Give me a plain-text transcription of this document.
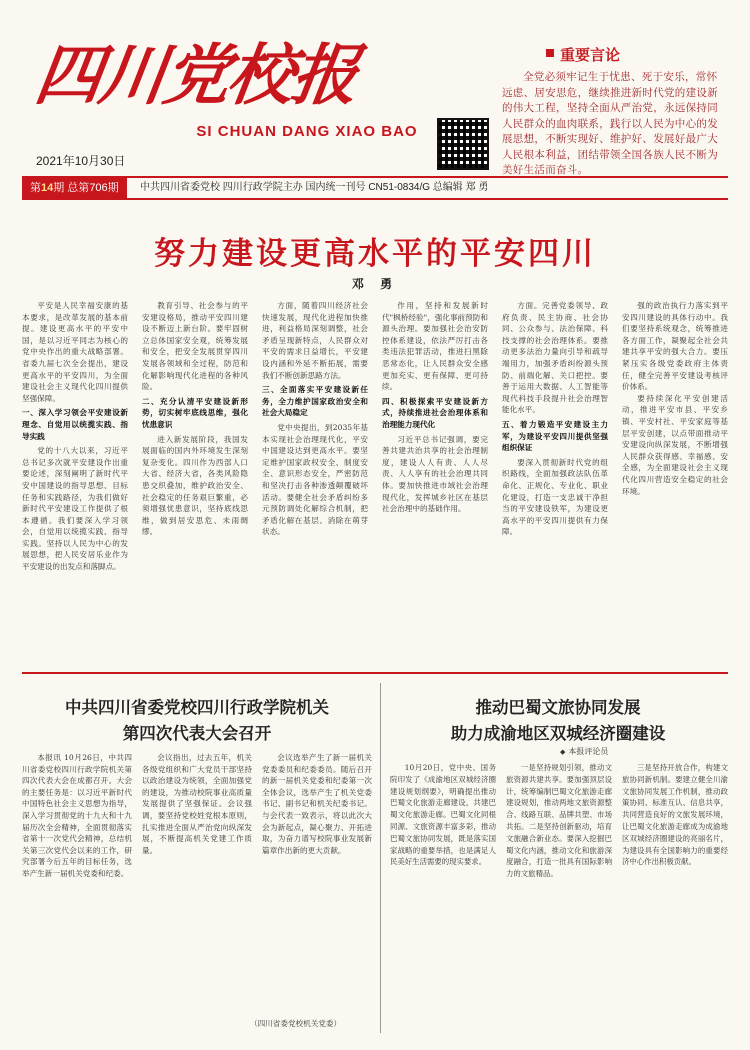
四川党校报
SI CHUAN DANG XIAO BAO
2021年10月30日
第14期 总第706期	中共四川省委党校 四川行政学院主办 国内统一刊号 CN51-0834/G 总编辑 郑 勇
重要言论
全党必须牢记生于忧患、死于安乐，常怀远虑、居安思危，继续推进新时代党的建设新的伟大工程，坚持全面从严治党，永远保持同人民群众的血肉联系，践行以人民为中心的发展思想，不断实现好、维护好、发展好最广大人民根本利益，团结带领全国各族人民不断为美好生活而奋斗。
努力建设更高水平的平安四川
邓 勇

平安是人民幸福安康的基本要求，是改革发展的基本前提。建设更高水平的平安中国，是以习近平同志为核心的党中央作出的重大战略部署。省委九届七次全会提出，建设更高水平的平安四川，为全面建设社会主义现代化四川提供坚强保障。

一、深入学习领会平安建设新理念、自觉用以统揽实践、指导实践

党的十八大以来，习近平总书记多次就平安建设作出重要论述，深刻阐明了新时代平安中国建设的指导思想、目标任务和实践路径，为我们做好新时代平安建设工作提供了根本遵循。我们要深入学习领会，自觉用以统揽实践、指导实践。坚持以人民为中心的发展思想，把人民安居乐业作为平安建设的出发点和落脚点。

教育引导、社会参与的平安建设格局，推动平安四川建设不断迈上新台阶。要牢固树立总体国家安全观，统筹发展和安全，把安全发展贯穿四川发展各领域和全过程，防范和化解影响现代化进程的各种风险。

二、充分认清平安建设新形势，切实树牢底线思维，强化忧患意识

进入新发展阶段，我国发展面临的国内外环境发生深刻复杂变化。四川作为西部人口大省、经济大省，各类风险隐患交织叠加，维护政治安全、社会稳定的任务艰巨繁重，必须增强忧患意识，坚持底线思维，做到居安思危、未雨绸缪。

方面，随着四川经济社会快速发展，现代化进程加快推进，利益格局深刻调整，社会矛盾呈现新特点，人民群众对平安的需求日益增长，平安建设内涵和外延不断拓展，需要我们不断创新思路方法。

三、全面落实平安建设新任务，全力维护国家政治安全和社会大局稳定

党中央提出，到2035年基本实现社会治理现代化，平安中国建设达到更高水平。要坚定维护国家政权安全、制度安全、意识形态安全，严密防范和坚决打击各种渗透颠覆破坏活动。要健全社会矛盾纠纷多元预防调处化解综合机制，把矛盾化解在基层、消除在萌芽状态。

作用，坚持和发展新时代"枫桥经验"，强化事前预防和源头治理。要加强社会治安防控体系建设，依法严厉打击各类违法犯罪活动，推进扫黑除恶常态化，让人民群众安全感更加充实、更有保障、更可持续。

四、积极探索平安建设新方式，持续推进社会治理体系和治理能力现代化

习近平总书记强调，要完善共建共治共享的社会治理制度，建设人人有责、人人尽责、人人享有的社会治理共同体。要加快推进市域社会治理现代化，发挥城乡社区在基层社会治理中的基础作用。

方面。完善党委领导、政府负责、民主协商、社会协同、公众参与、法治保障、科技支撑的社会治理体系。要推动更多法治力量向引导和疏导端用力，加强矛盾纠纷源头预防、前端化解、关口把控。要善于运用大数据、人工智能等现代科技手段提升社会治理智能化水平。

五、着力锻造平安建设主力军，为建设平安四川提供坚强组织保证

要深入贯彻新时代党的组织路线，全面加强政法队伍革命化、正规化、专业化、职业化建设，打造一支忠诚干净担当的平安建设铁军，为建设更高水平的平安四川提供有力保障。

强的政治执行力落实到平安四川建设的具体行动中。我们要坚持系统观念，统筹推进各方面工作，凝聚起全社会共建共享平安的强大合力。要压紧压实各级党委政府主体责任，健全完善平安建设考核评价体系。

要持续深化平安创建活动，推进平安市县、平安乡镇、平安村社、平安家庭等基层平安创建，以点带面推动平安建设向纵深发展，不断增强人民群众获得感、幸福感、安全感，为全面建设社会主义现代化四川营造安全稳定的社会环境。

中共四川省委党校四川行政学院机关
第四次代表大会召开

本报讯 10月26日，中共四川省委党校四川行政学院机关第四次代表大会在成都召开。大会的主要任务是：以习近平新时代中国特色社会主义思想为指导，深入学习贯彻党的十九大和十九届历次全会精神，全面贯彻落实省第十一次党代会精神，总结机关第三次党代会以来的工作，研究部署今后五年的目标任务，选举产生新一届机关党委和纪委。

会议指出，过去五年，机关各级党组织和广大党员干部坚持以政治建设为统领，全面加强党的建设，为推动校院事业高质量发展提供了坚强保证。会议强调，要坚持党校姓党根本原则，扎实推进全面从严治党向纵深发展，不断提高机关党建工作质量。

会议选举产生了新一届机关党委委员和纪委委员。随后召开的新一届机关党委和纪委第一次全体会议，选举产生了机关党委书记、副书记和机关纪委书记。与会代表一致表示，将以此次大会为新起点，凝心聚力、开拓进取，为奋力谱写校院事业发展新篇章作出新的更大贡献。

（四川省委党校机关党委）
推动巴蜀文旅协同发展
助力成渝地区双城经济圈建设
◆ 本报评论员

10月20日，党中央、国务院印发了《成渝地区双城经济圈建设规划纲要》，明确提出推动巴蜀文化旅游走廊建设，共建巴蜀文化旅游走廊。巴蜀文化同根同源、文旅资源丰富多彩，推动巴蜀文旅协同发展，既是落实国家战略的重要举措，也是满足人民美好生活需要的现实要求。

一是坚持规划引领，推动文旅资源共建共享。要加强顶层设计，统筹编制巴蜀文化旅游走廊建设规划，推动两地文旅资源整合、线路互联、品牌共塑、市场共拓。二是坚持创新驱动，培育文旅融合新业态。要深入挖掘巴蜀文化内涵，推动文化和旅游深度融合，打造一批具有国际影响力的文旅精品。

三是坚持开放合作，构建文旅协同新机制。要建立健全川渝文旅协同发展工作机制，推动政策协同、标准互认、信息共享，共同营造良好的文旅发展环境，让巴蜀文化旅游走廊成为成渝地区双城经济圈建设的亮丽名片，为建设具有全国影响力的重要经济中心作出积极贡献。
